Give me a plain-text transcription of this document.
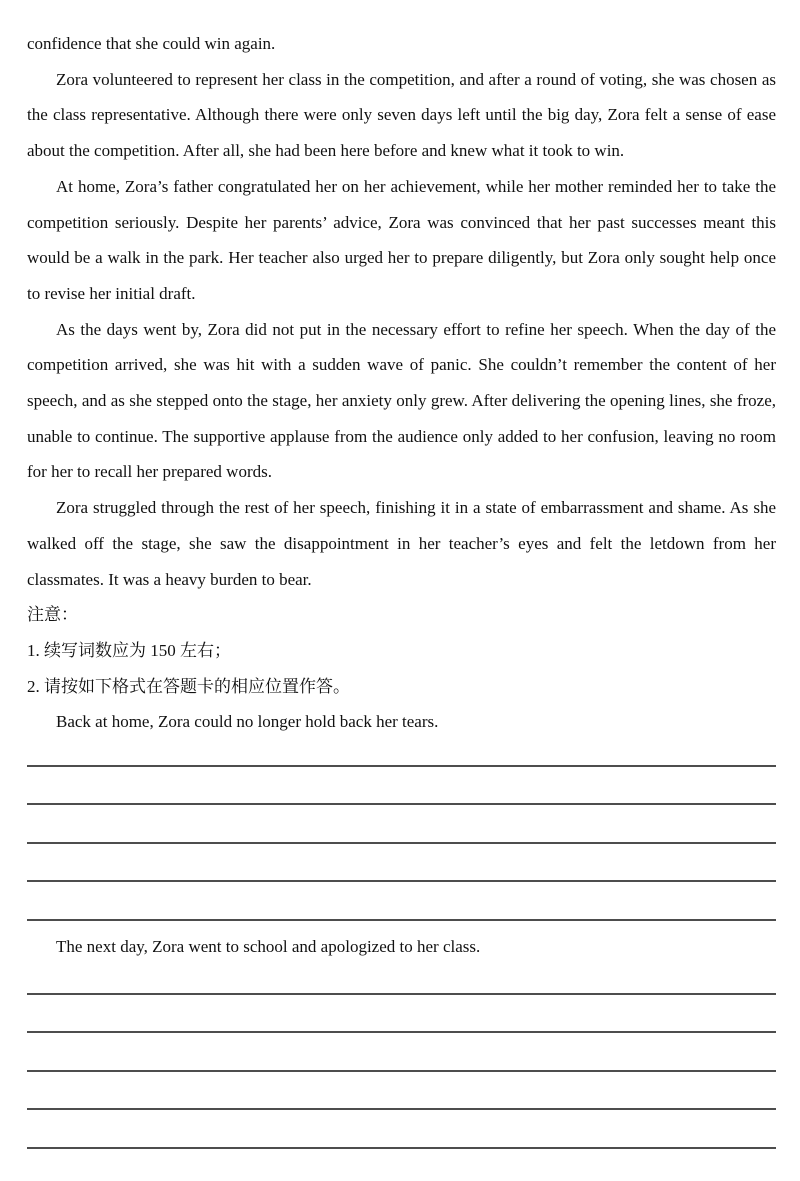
confidence that she could win again.

Zora volunteered to represent her class in the competition, and after a round of voting, she was chosen as the class representative. Although there were only seven days left until the big day, Zora felt a sense of ease about the competition. After all, she had been here before and knew what it took to win.

At home, Zora’s father congratulated her on her achievement, while her mother reminded her to take the competition seriously. Despite her parents’ advice, Zora was convinced that her past successes meant this would be a walk in the park. Her teacher also urged her to prepare diligently, but Zora only sought help once to revise her initial draft.

As the days went by, Zora did not put in the necessary effort to refine her speech. When the day of the competition arrived, she was hit with a sudden wave of panic. She couldn’t remember the content of her speech, and as she stepped onto the stage, her anxiety only grew. After delivering the opening lines, she froze, unable to continue. The supportive applause from the audience only added to her confusion, leaving no room for her to recall her prepared words.

Zora struggled through the rest of her speech, finishing it in a state of embarrassment and shame. As she walked off the stage, she saw the disappointment in her teacher’s eyes and felt the letdown from her classmates. It was a heavy burden to bear.

注意：

1. 续写词数应为 150 左右；

2. 请按如下格式在答题卡的相应位置作答。

Back at home, Zora could no longer hold back her tears.

The next day, Zora went to school and apologized to her class.
